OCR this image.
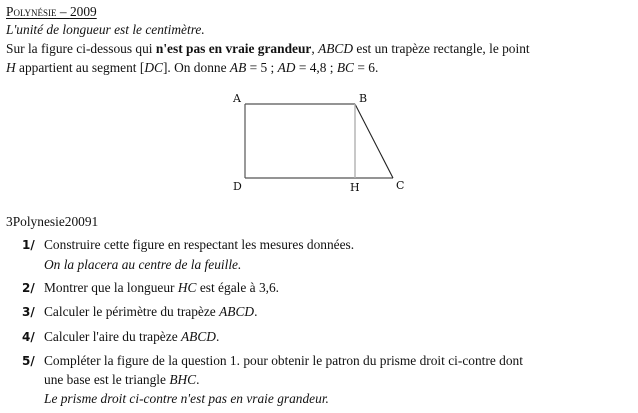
Polynésie – 2009
L'unité de longueur est le centimètre.
Sur la figure ci-dessous qui n'est pas en vraie grandeur, ABCD est un trapèze rectangle, le point
H appartient au segment [DC]. On donne AB = 5 ; AD = 4,8 ; BC = 6.
A	B
C
D	H
3Polynesie20091
1/ Construire cette figure en respectant les mesures données.
On la placera au centre de la feuille.
2/ Montrer que la longueur HC est égale à 3,6.
3/ Calculer le périmètre du trapèze ABCD.
4/ Calculer l'aire du trapèze ABCD.
5/ Compléter la figure de la question 1. pour obtenir le patron du prisme droit ci-contre dont
une base est le triangle BHC.
Le prisme droit ci-contre n'est pas en vraie grandeur.
